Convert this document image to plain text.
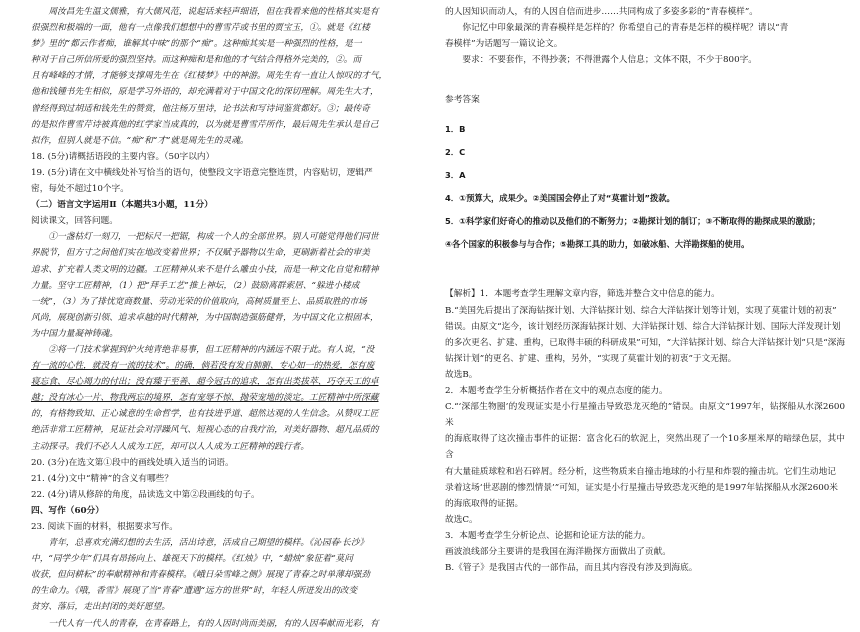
周汝昌先生温文儒雅，有大儒风范，说起话来轻声细语，但在我看来他的性格其实是有

很强烈和极端的一面，他有一点像我们想想中的曹雪芹或书里的贾宝玉，①。就是《红楼

梦》里的“都云作者痴，谁解其中味”的那个“痴”。这种痴其实是一种强烈的性格，是一

种对于自己所信所爱的强烈坚持。而这种痴和是和他的才气结合得格外完美的，②。而

且有峰峰的才情，才能够支撑周先生在《红楼梦》中的神游。周先生有一直让人惊叹的才气，

他和钱锺书先生相似，原是学习外语的，却充满着对于中国文化的深切理解。周先生大才，

曾经得到过胡适和钱先生的赞赏，他注杨万里诗，论书法和写诗词鉴赏都好。③；最传奇

的是拟作曹雪芹诗被真他的红学家当成真的，以为就是曹雪芹所作，最后周先生承认是自己

拟作，但别人就是不信。“痴”和“才”就是周先生的灵魂。

18. (5分)请概括语段的主要内容。（50字以内）

19. (5分)请在文中横线处补写恰当的语句，使整段文字语意完整连贯，内容贴切，逻辑严

密，每处不超过10个字。

（二）语言文字运用Ⅱ（本题共3小题，11分）

阅读课文，回答问题。

①一盏枯灯一刻刀，一把标尺一把锯，构成一个人的全部世界。别人可能觉得他们同世

界脱节，但方寸之间他们实在地改变着世界；不仅赋予器物以生命，更刷新着社会的审美

追求、扩充着人类文明的边疆。工匠精神从来不是什么雕虫小技，而是一种文化自觉和精神

力量。坚守工匠精神，（1）把“拜手工艺”推上神坛，（2）鼓励离群索居、“躲进小楼成

一统”，（3）为了排忧宽商数量、劳动光荣的价值取向，高树质量至上、品质取胜的市场

风尚，展现创新引领、追求卓越的时代精神，为中国制造强筋健骨，为中国文化立根固本，

为中国力量凝神铸魂。

②将一门技术掌握到炉火纯青绝非易事，但工匠精神的内涵远不限于此。有人说，“没

有一流的心性，就没有一流的技术”。的确，倘若没有发自肺腑、专心如一的热爱，怎有废

寝忘食、尽心竭力的付出；没有臻于至善、超今冠古的追求，怎有出类拔萃、巧夺天工的卓

越；没有冰心一片、物我两忘的境界，怎有宠辱不惊、抛荣宠地的淡定。工匠精神中所深藏

的，有格物致知、正心诚意的生命哲学，也有技进乎道、超然达观的人生信念。从赞叹工匠

绝活非常工匠精神，見证社会对浮躁风气、短视心态的自我疗治，对美好器物、超凡品质的

主动探寻。我们不必人人成为工匠，却可以人人成为工匠精神的践行者。

20. (3分)在选文第①段中的画线处填入适当的词语。

21. (4分)文中“精神”的含义有哪些？

22. (4分)请从修辞的角度，品读选文中第②段画线的句子。

四、写作（60分）

23. 阅读下面的材料，根据要求写作。

青年，总喜欢充满幻想的去生活，活出诗意，活成自己期望的模样。《沁园春·长沙》

中，“同学少年”们具有昂扬向上、雄视天下的模样。《红烛》中，“蜡烛”象征着“莫问

收获，但问耕耘”的奉献精神和青春模样。《峨日朵雪峰之侧》展现了青春之时单薄却强劲

的生命力。《哦，香雪》展现了当“青春”遭遇“远方的世界”时，年轻人所迸发出的改变

贫穷、落后，走出封闭的美好愿望。

一代人有一代人的青春，在青春路上，有的人因时尚而美丽，有的人因奉献而光彩，有

的人因知识而动人，有的人因自信而进步……共同构成了多姿多彩的“青春模样”。

你记忆中印象最深的青春模样是怎样的？你希望自己的青春是怎样的模样呢？请以“青

春模样”为话题写一篇议论文。

要求：不要套作，不得抄袭；不得泄露个人信息；文体不限，不少于800字。

参考答案

1．B

2．C

3．A

4．①预算大，成果少。②美国国会停止了对“莫霍计划”拨款。

5．①科学家们好奇心的推动以及他们的不断努力；②勘探计划的制订；③不断取得的勘探成果的激励；

④各个国家的积极参与与合作；⑤勘探工具的助力，如破冰船、大洋勘探船的使用。

【解析】1．本题考查学生理解文章内容，筛选并整合文中信息的能力。

B.“美国先后提出了深海钻探计划、大洋钻探计划、综合大洋钻探计划等计划，实现了莫霍计划的初衷”

错误。由原文“迄今，该计划经历深海钻探计划、大洋钻探计划、综合大洋钻探计划、国际大洋发现计划

的多次更名、扩建、重构，已取得丰硕的科研成果”可知，“大洋钻探计划、综合大洋钻探计划”只是“深海

钻探计划”的更名、扩建、重构，另外，“实现了莫霍计划的初衷”于文无据。

故选B。

2．本题考查学生分析概括作者在文中的观点态度的能力。

C.“‘深部生物圈’的发现证实是小行星撞击导致恐龙灭绝的”错误。由原文“1997年，钻探船从水深2600米

的海底取得了这次撞击事件的证据：富含化石的软泥上，突然出现了一个10多厘米厚的暗绿色层，其中含

有大量硅质球粒和岩石碎屑。经分析，这些物质来自撞击地球的小行星和炸裂的撞击坑。它们生动地记

录着这场‘世恶剧的惨烈情景’”可知，证实是小行星撞击导致恐龙灭绝的是1997年钻探船从水深2600米

的海底取得的证据。

故选C。

3．本题考查学生分析论点、论据和论证方法的能力。

画波浪线部分主要讲的是我国在海洋勘探方面做出了贡献。

B.《管子》是我国古代的一部作品，而且其内容没有涉及到海底。
